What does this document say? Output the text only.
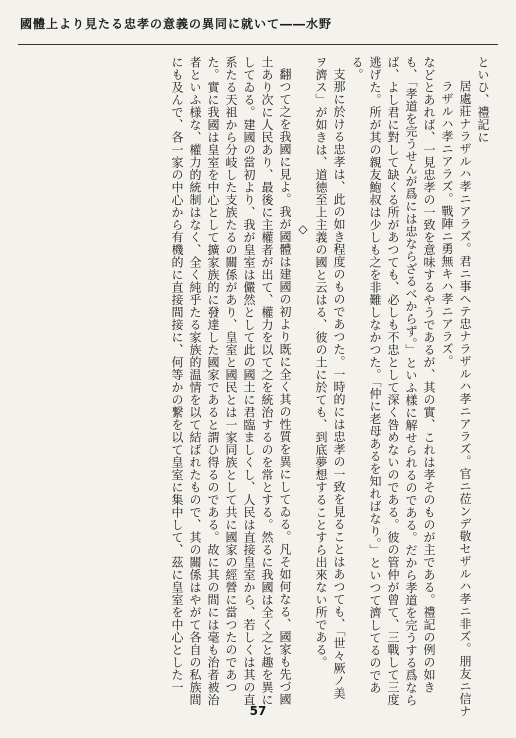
國體上より見たる忠孝の意義の異同に就いて――水野

といひ、禮記に

居處莊ナラザルハ孝ニアラズ。君ニ事ヘテ忠ナラザルハ孝ニアラズ。官ニ莅ンデ敬セザルハ孝ニ非ズ。朋友ニ信ナ

ラザルハ孝ニアラズ。戰陣ニ勇無キハ孝ニアラズ。

などとあれば、一見忠孝の一致を意味するやうであるが、其の實、これは孝そのものが主である。禮記の例の如き

も、「孝道を完うせんが爲には忠ならざるべからず。」といふ樣に解せられるのである。だから孝道を完うする爲なら

ば、よし君に對して缺くる所があつても、必しも不忠として深く咎めないのである。彼の管仲が曾て、三戰して三度

逃げた。所が其の親友鮑叔は少しも之を非難しなかつた。「仲に老母あるを知ればなり。」といつて濟してるのであ

る。

支那に於ける忠孝は、此の如き程度のものであつた。一時的には忠孝の一致を見ることはあつても、「世々厥ノ美

ヲ濟ス」が如きは、道徳至上主義の國と云はる、彼の土に於ても、到底夢想することすら出來ない所である。

◇

翻つて之を我國に見よ。我が國體は建國の初より既に全く其の性質を異にしてゐる。凡そ如何なる、國家も先づ國

土あり次に人民あり、最後に主權者が出て、權力を以て之を統治するのを常とする。然るに我國は全く之と趣を異に

してゐる。建國の當初より、我が皇室は儼然として此の國土に君臨ましくし、人民は直接皇室から、若しくは其の直

系たる天祖から分岐した支族たるの關係があり、皇室と國民とは一家同族として共に國家の經營に當つたのであつ

た。實に我國は皇室を中心として擴家族的に發達した國家であると謂ひ得るのである。故に其の間には毫も治者被治

者といふ様な、權力的統制はなく、全く純乎たる家族的温情を以て結ばれたもので、其の關係はやがて各自の私族間

にも及んで、各一家の中心から有機的に直接間接に、何等かの繋を以て皇室に集中して、茲に皇室を中心とした一

57
